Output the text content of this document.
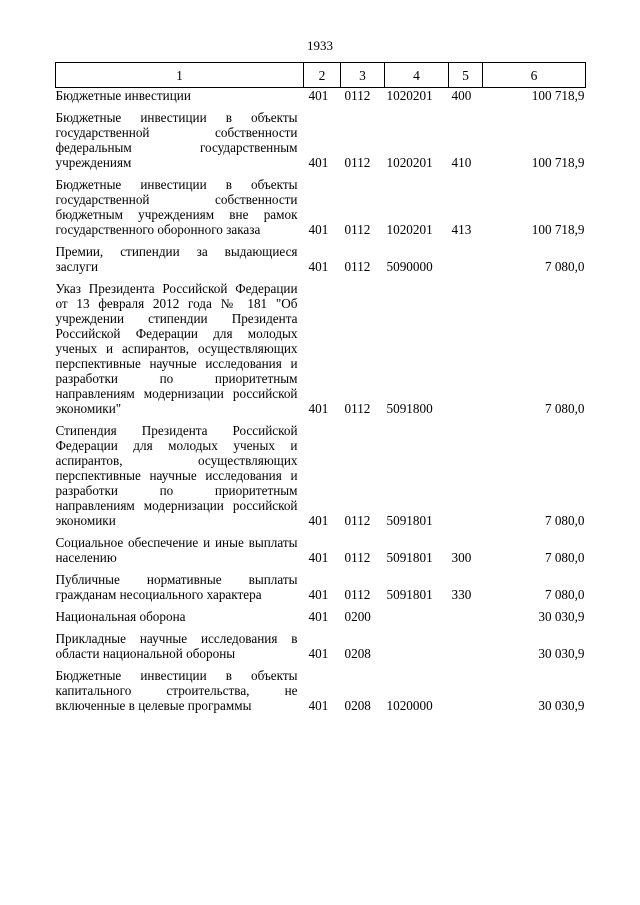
1933
1	2	3	4	5	6

Бюджетные инвестиции	401	0112	1020201	400	100 718,9

Бюджетные инвестиции в объекты государственной собственности федеральным государственным учреждениям	401	0112	1020201	410	100 718,9

Бюджетные инвестиции в объекты государственной собственности бюджетным учреждениям вне рамок государственного оборонного заказа	401	0112	1020201	413	100 718,9

Премии, стипендии за выдающиеся заслуги	401	0112	5090000		7 080,0

Указ Президента Российской Федерации от 13 февраля 2012 года № 181 "Об учреждении стипендии Президента Российской Федерации для молодых ученых и аспирантов, осуществляющих перспективные научные исследования и разработки по приоритетным направлениям модернизации российской экономики"	401	0112	5091800		7 080,0

Стипендия Президента Российской Федерации для молодых ученых и аспирантов, осуществляющих перспективные научные исследования и разработки по приоритетным направлениям модернизации российской экономики	401	0112	5091801		7 080,0

Социальное обеспечение и иные выплаты населению	401	0112	5091801	300	7 080,0

Публичные нормативные выплаты гражданам несоциального характера	401	0112	5091801	330	7 080,0

Национальная оборона	401	0200			30 030,9

Прикладные научные исследования в области национальной обороны	401	0208			30 030,9

Бюджетные инвестиции в объекты капитального строительства, не включенные в целевые программы	401	0208	1020000		30 030,9
